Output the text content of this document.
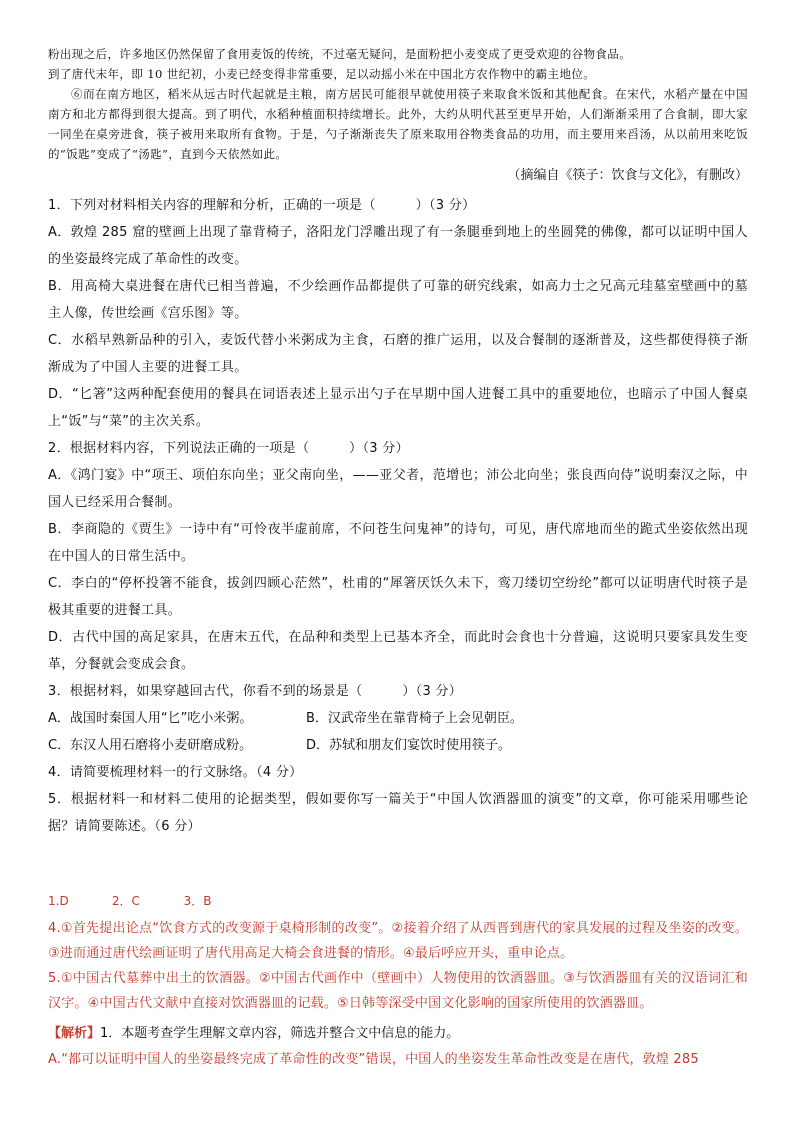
粉出现之后，许多地区仍然保留了食用麦饭的传统，不过毫无疑问，是面粉把小麦变成了更受欢迎的谷物食品。
到了唐代末年，即 10 世纪初，小麦已经变得非常重要，足以动摇小米在中国北方农作物中的霸主地位。
⑥而在南方地区，稻米从远古时代起就是主粮，南方居民可能很早就使用筷子来取食米饭和其他配食。在宋代，水稻产量在中国南方和北方都得到很大提高。到了明代，水稻种植面积持续增长。此外，大约从明代甚至更早开始，人们渐渐采用了合食制，即大家一同坐在桌旁进食，筷子被用来取所有食物。于是，勺子渐渐丧失了原来取用谷物类食品的功用，而主要用来舀汤，从以前用来吃饭的“饭匙”变成了“汤匙”，直到今天依然如此。
（摘编自《筷子：饮食与文化》，有删改）

1．下列对材料相关内容的理解和分析，正确的一项是（　　　）（3 分）

A．敦煌 285 窟的壁画上出现了靠背椅子，洛阳龙门浮雕出现了有一条腿垂到地上的坐圆凳的佛像，都可以证明中国人的坐姿最终完成了革命性的改变。

B．用高椅大桌进餐在唐代已相当普遍，不少绘画作品都提供了可靠的研究线索，如高力士之兄高元珪墓室壁画中的墓主人像，传世绘画《宫乐图》等。

C．水稻早熟新品种的引入，麦饭代替小米粥成为主食，石磨的推广运用，以及合餐制的逐渐普及，这些都使得筷子渐渐成为了中国人主要的进餐工具。

D．“匕箸”这两种配套使用的餐具在词语表述上显示出勺子在早期中国人进餐工具中的重要地位，也暗示了中国人餐桌上“饭”与“菜”的主次关系。

2．根据材料内容，下列说法正确的一项是（　　　）（3 分）

A．《鸿门宴》中“项王、项伯东向坐；亚父南向坐，——亚父者，范增也；沛公北向坐；张良西向侍”说明秦汉之际，中国人已经采用合餐制。

B．李商隐的《贾生》一诗中有“可怜夜半虚前席，不问苍生问鬼神”的诗句，可见，唐代席地而坐的跪式坐姿依然出现在中国人的日常生活中。

C．李白的“停杯投箸不能食，拔剑四顾心茫然”，杜甫的“犀箸厌饫久未下，鸾刀缕切空纷纶”都可以证明唐代时筷子是极其重要的进餐工具。

D．古代中国的高足家具，在唐末五代，在品种和类型上已基本齐全，而此时会食也十分普遍，这说明只要家具发生变革，分餐就会变成会食。

3．根据材料，如果穿越回古代，你看不到的场景是（　　　）（3 分）

A．战国时秦国人用“匕”吃小米粥。	B．汉武帝坐在靠背椅子上会见朝臣。
C．东汉人用石磨将小麦研磨成粉。	D．苏轼和朋友们宴饮时使用筷子。

4．请简要梳理材料一的行文脉络。（4 分）

5．根据材料一和材料二使用的论据类型，假如要你写一篇关于“中国人饮酒器皿的演变”的文章，你可能采用哪些论据？请简要陈述。（6 分）

1.D	2．C	3．B

4.①首先提出论点“饮食方式的改变源于桌椅形制的改变”。②接着介绍了从西晋到唐代的家具发展的过程及坐姿的改变。③进而通过唐代绘画证明了唐代用高足大椅会食进餐的情形。④最后呼应开头，重申论点。

5.①中国古代墓葬中出土的饮酒器。②中国古代画作中（壁画中）人物使用的饮酒器皿。③与饮酒器皿有关的汉语词汇和汉字。④中国古代文献中直接对饮酒器皿的记载。⑤日韩等深受中国文化影响的国家所使用的饮酒器皿。

【解析】1．本题考查学生理解文章内容，筛选并整合文中信息的能力。

A.“都可以证明中国人的坐姿最终完成了革命性的改变”错误，中国人的坐姿发生革命性改变是在唐代，敦煌 285
